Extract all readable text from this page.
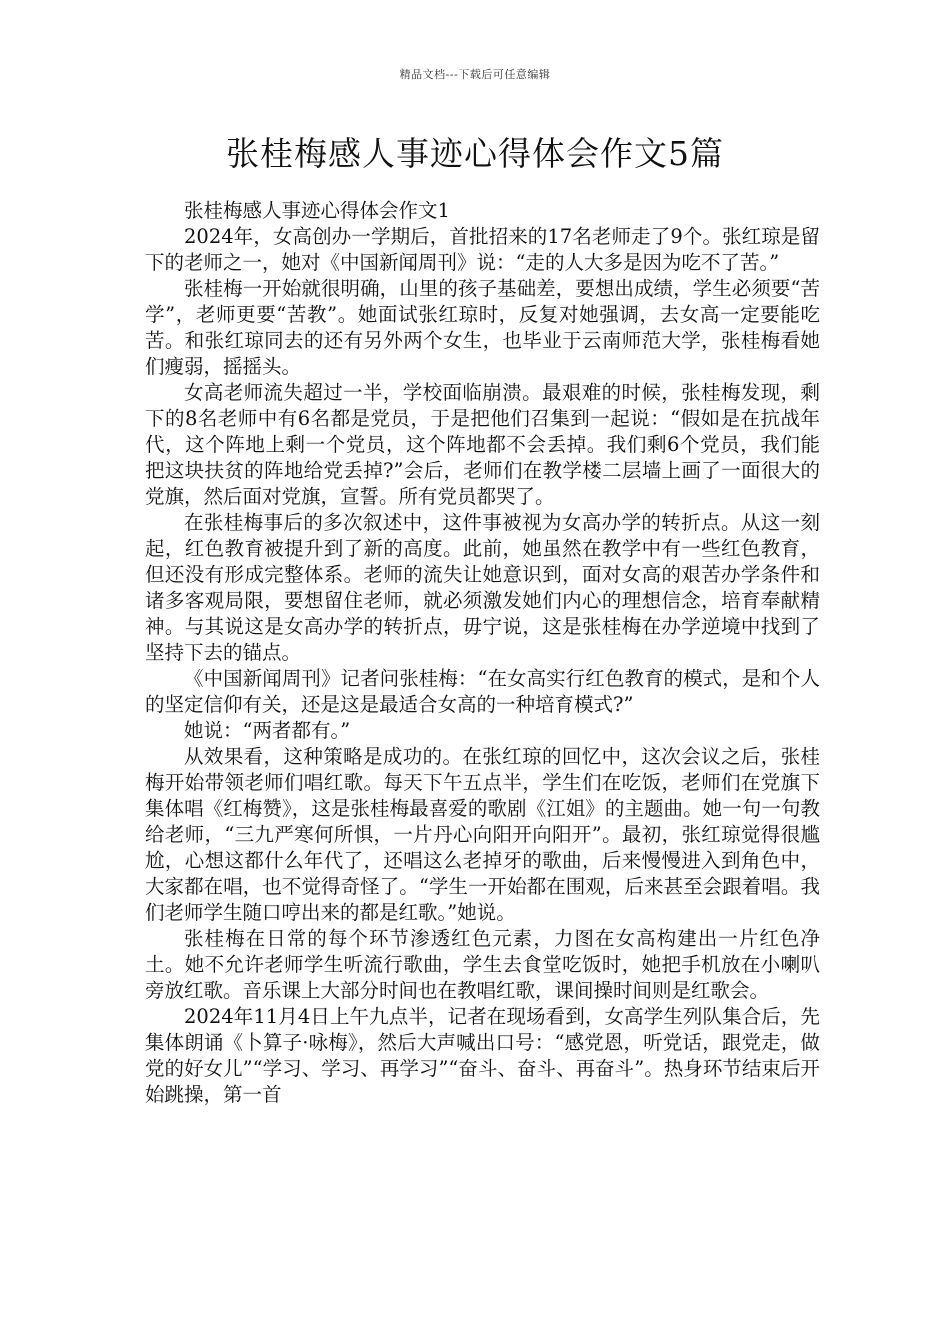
精品文档---下载后可任意编辑
张桂梅感人事迹心得体会作文5篇

张桂梅感人事迹心得体会作文1

2024年，女高创办一学期后，首批招来的17名老师走了9个。张红琼是留下的老师之一，她对《中国新闻周刊》说：“走的人大多是因为吃不了苦。”

张桂梅一开始就很明确，山里的孩子基础差，要想出成绩，学生必须要“苦学”，老师更要“苦教”。她面试张红琼时，反复对她强调，去女高一定要能吃苦。和张红琼同去的还有另外两个女生，也毕业于云南师范大学，张桂梅看她们瘦弱，摇摇头。

女高老师流失超过一半，学校面临崩溃。最艰难的时候，张桂梅发现，剩下的8名老师中有6名都是党员，于是把他们召集到一起说：“假如是在抗战年代，这个阵地上剩一个党员，这个阵地都不会丢掉。我们剩6个党员，我们能把这块扶贫的阵地给党丢掉?”会后，老师们在教学楼二层墙上画了一面很大的党旗，然后面对党旗，宣誓。所有党员都哭了。

在张桂梅事后的多次叙述中，这件事被视为女高办学的转折点。从这一刻起，红色教育被提升到了新的高度。此前，她虽然在教学中有一些红色教育，但还没有形成完整体系。老师的流失让她意识到，面对女高的艰苦办学条件和诸多客观局限，要想留住老师，就必须激发她们内心的理想信念，培育奉献精神。与其说这是女高办学的转折点，毋宁说，这是张桂梅在办学逆境中找到了坚持下去的锚点。

《中国新闻周刊》记者问张桂梅：“在女高实行红色教育的模式，是和个人的坚定信仰有关，还是这是最适合女高的一种培育模式?”

她说：“两者都有。”

从效果看，这种策略是成功的。在张红琼的回忆中，这次会议之后，张桂梅开始带领老师们唱红歌。每天下午五点半，学生们在吃饭，老师们在党旗下集体唱《红梅赞》，这是张桂梅最喜爱的歌剧《江姐》的主题曲。她一句一句教给老师，“三九严寒何所惧，一片丹心向阳开向阳开”。最初，张红琼觉得很尴尬，心想这都什么年代了，还唱这么老掉牙的歌曲，后来慢慢进入到角色中，大家都在唱，也不觉得奇怪了。“学生一开始都在围观，后来甚至会跟着唱。我们老师学生随口哼出来的都是红歌。”她说。

张桂梅在日常的每个环节渗透红色元素，力图在女高构建出一片红色净土。她不允许老师学生听流行歌曲，学生去食堂吃饭时，她把手机放在小喇叭旁放红歌。音乐课上大部分时间也在教唱红歌，课间操时间则是红歌会。

2024年11月4日上午九点半，记者在现场看到，女高学生列队集合后，先集体朗诵《卜算子·咏梅》，然后大声喊出口号：“感党恩，听党话，跟党走，做党的好女儿”“学习、学习、再学习”“奋斗、奋斗、再奋斗”。热身环节结束后开始跳操，第一首
